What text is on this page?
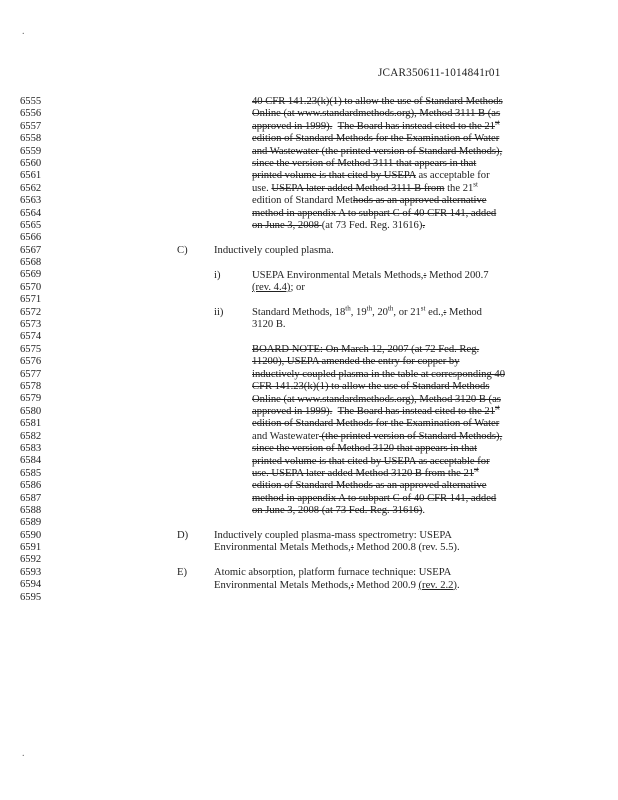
.
.
JCAR350611-1014841r01
6555
6556
6557
6558
6559
6560
6561
6562
6563
6564
6565
6566
6567
6568
6569
6570
6571
6572
6573
6574
6575
6576
6577
6578
6579
6580
6581
6582
6583
6584
6585
6586
6587
6588
6589
6590
6591
6592
6593
6594
6595
40 CFR 141.23(k)(1) to allow the use of Standard Methods
Online (at www.standardmethods.org), Method 3111 B (as
approved in 1999). The Board has instead cited to the 21st
edition of Standard Methods for the Examination of Water
and Wastewater (the printed version of Standard Methods),
since the version of Method 3111 that appears in that
printed volume is that cited by USEPA as acceptable for
use. USEPA later added Method 3111 B from the 21st
edition of Standard Methods as an approved alternative
method in appendix A to subpart C of 40 CFR 141, added
on June 3, 2008 (at 73 Fed. Reg. 31616).
C) Inductively coupled plasma.
i)	USEPA Environmental Metals Methods,: Method 200.7
(rev. 4.4); or
ii)	Standard Methods, 18th, 19th, 20th, or 21st ed.,: Method
3120 B.
BOARD NOTE: On March 12, 2007 (at 72 Fed. Reg.
11200), USEPA amended the entry for copper by
inductively coupled plasma in the table at corresponding 40
CFR 141.23(k)(1) to allow the use of Standard Methods
Online (at www.standardmethods.org), Method 3120 B (as
approved in 1999). The Board has instead cited to the 21st
edition of Standard Methods for the Examination of Water
and Wastewater (the printed version of Standard Methods),
since the version of Method 3120 that appears in that
printed volume is that cited by USEPA as acceptable for
use. USEPA later added Method 3120 B from the 21st
edition of Standard Methods as an approved alternative
method in appendix A to subpart C of 40 CFR 141, added
on June 3, 2008 (at 73 Fed. Reg. 31616).
D) Inductively coupled plasma-mass spectrometry: USEPA
Environmental Metals Methods,: Method 200.8 (rev. 5.5).
E)	Atomic absorption, platform furnace technique: USEPA
Environmental Metals Methods,: Method 200.9 (rev. 2.2).
